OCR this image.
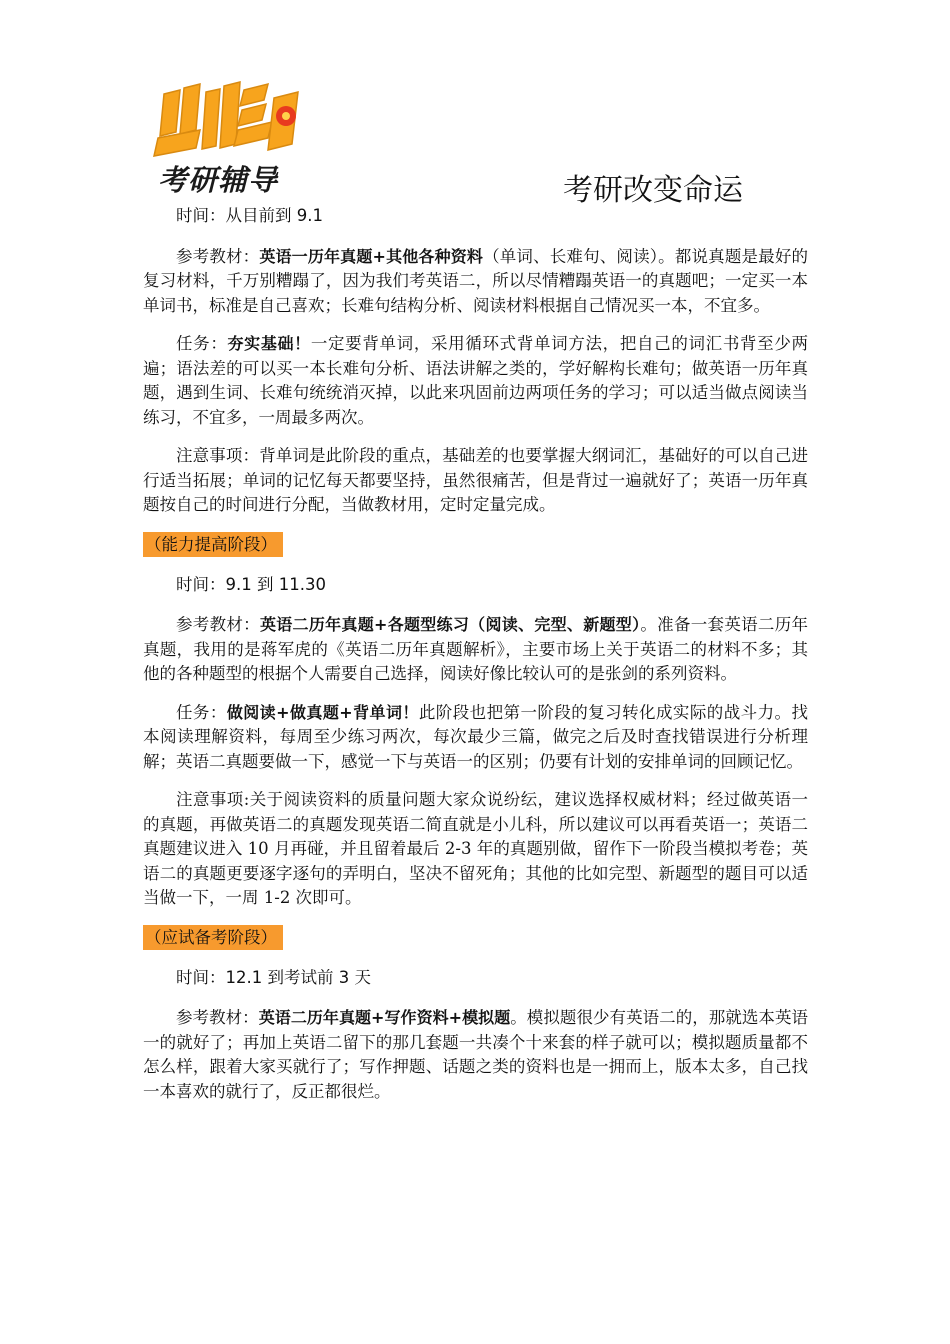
考研辅导	考研改变命运

时间：从目前到 9.1

参考教材：英语一历年真题+其他各种资料（单词、长难句、阅读）。都说真题是最好的复习材料，千万别糟蹋了，因为我们考英语二，所以尽情糟蹋英语一的真题吧；一定买一本单词书，标准是自己喜欢；长难句结构分析、阅读材料根据自己情况买一本，不宜多。

任务：夯实基础！一定要背单词，采用循环式背单词方法，把自己的词汇书背至少两遍；语法差的可以买一本长难句分析、语法讲解之类的，学好解构长难句；做英语一历年真题，遇到生词、长难句统统消灭掉，以此来巩固前边两项任务的学习；可以适当做点阅读当练习，不宜多，一周最多两次。

注意事项：背单词是此阶段的重点，基础差的也要掌握大纲词汇，基础好的可以自己进行适当拓展；单词的记忆每天都要坚持，虽然很痛苦，但是背过一遍就好了；英语一历年真题按自己的时间进行分配，当做教材用，定时定量完成。

（能力提高阶段）

时间：9.1 到 11.30

参考教材：英语二历年真题+各题型练习（阅读、完型、新题型）。准备一套英语二历年真题，我用的是蒋军虎的《英语二历年真题解析》，主要市场上关于英语二的材料不多；其他的各种题型的根据个人需要自己选择，阅读好像比较认可的是张剑的系列资料。

任务：做阅读+做真题+背单词！此阶段也把第一阶段的复习转化成实际的战斗力。找本阅读理解资料，每周至少练习两次，每次最少三篇，做完之后及时查找错误进行分析理解；英语二真题要做一下，感觉一下与英语一的区别；仍要有计划的安排单词的回顾记忆。

注意事项:关于阅读资料的质量问题大家众说纷纭，建议选择权威材料；经过做英语一的真题，再做英语二的真题发现英语二简直就是小儿科，所以建议可以再看英语一；英语二真题建议进入 10 月再碰，并且留着最后 2-3 年的真题别做，留作下一阶段当模拟考卷；英语二的真题更要逐字逐句的弄明白，坚决不留死角；其他的比如完型、新题型的题目可以适当做一下，一周 1-2 次即可。

（应试备考阶段）

时间：12.1 到考试前 3 天

参考教材：英语二历年真题+写作资料+模拟题。模拟题很少有英语二的，那就选本英语一的就好了；再加上英语二留下的那几套题一共凑个十来套的样子就可以；模拟题质量都不怎么样，跟着大家买就行了；写作押题、话题之类的资料也是一拥而上，版本太多，自己找一本喜欢的就行了，反正都很烂。
